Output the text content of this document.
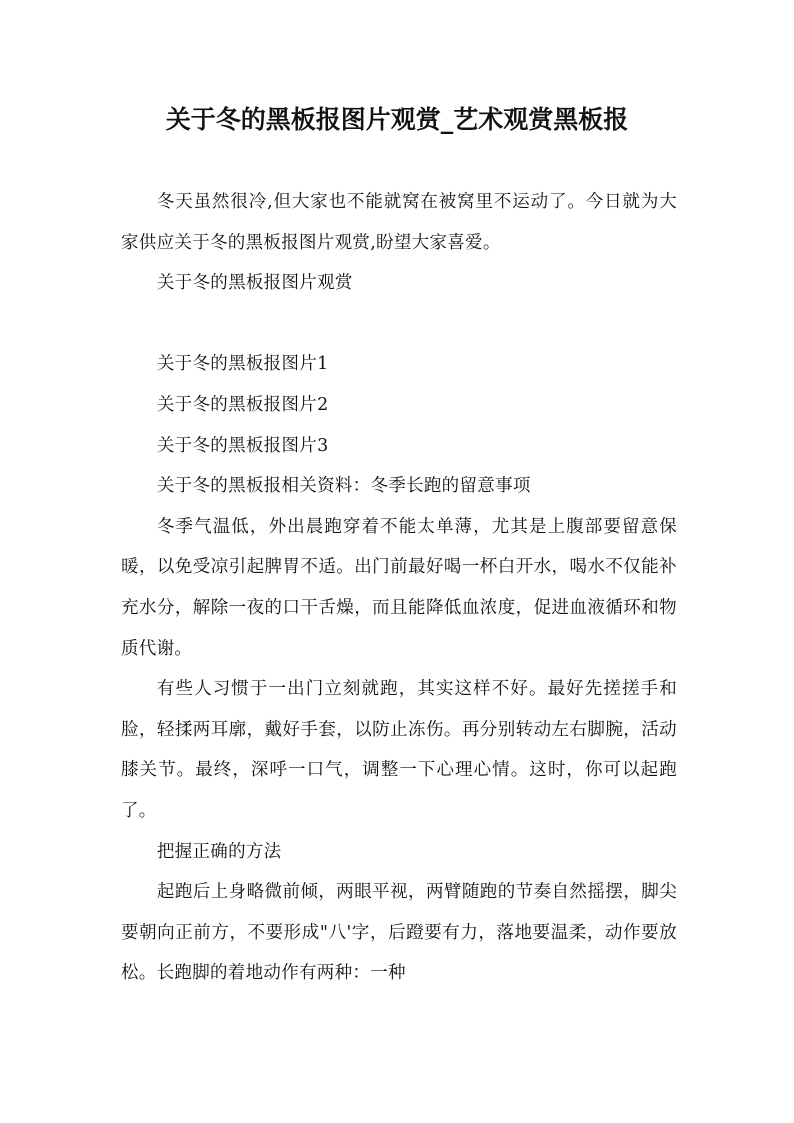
关于冬的黑板报图片观赏_艺术观赏黑板报

冬天虽然很冷,但大家也不能就窝在被窝里不运动了。今日就为大家供应关于冬的黑板报图片观赏,盼望大家喜爱。

关于冬的黑板报图片观赏

关于冬的黑板报图片1

关于冬的黑板报图片2

关于冬的黑板报图片3

关于冬的黑板报相关资料：冬季长跑的留意事项

冬季气温低，外出晨跑穿着不能太单薄，尤其是上腹部要留意保暖，以免受凉引起脾胃不适。出门前最好喝一杯白开水，喝水不仅能补充水分，解除一夜的口干舌燥，而且能降低血浓度，促进血液循环和物质代谢。

有些人习惯于一出门立刻就跑，其实这样不好。最好先搓搓手和脸，轻揉两耳廓，戴好手套，以防止冻伤。再分别转动左右脚腕，活动膝关节。最终，深呼一口气，调整一下心理心情。这时，你可以起跑了。

把握正确的方法

起跑后上身略微前倾，两眼平视，两臂随跑的节奏自然摇摆，脚尖要朝向正前方，不要形成"八'字，后蹬要有力，落地要温柔，动作要放松。长跑脚的着地动作有两种：一种
